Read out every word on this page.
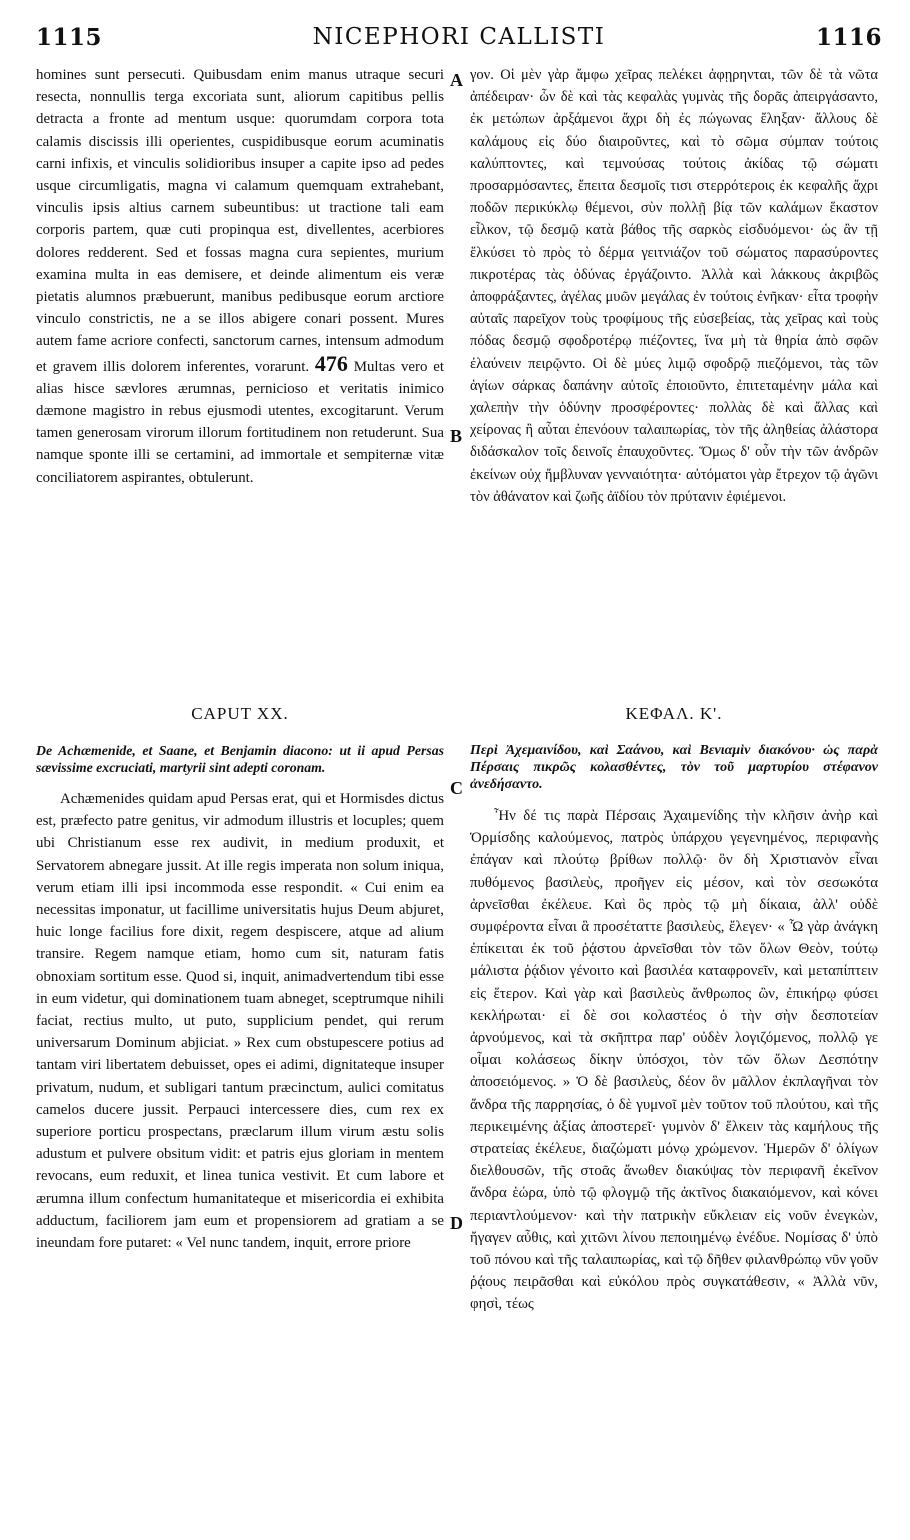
1115	NICEPHORI CALLISTI	1116
A
B
C
D

homines sunt persecuti. Quibusdam enim manus utraque securi resecta, nonnullis terga excoriata sunt, aliorum capitibus pellis detracta a fronte ad mentum usque: quorumdam corpora tota calamis discissis illi operientes, cuspidibusque eorum acuminatis carni infixis, et vinculis solidioribus insuper a capite ipso ad pedes usque circumligatis, magna vi calamum quemquam extrahebant, vinculis ipsis altius carnem subeuntibus: ut tractione tali eam corporis partem, quæ cuti propinqua est, divellentes, acerbiores dolores redderent. Sed et fossas magna cura sepientes, murium examina multa in eas demisere, et deinde alimentum eis veræ pietatis alumnos præbuerunt, manibus pedibusque eorum arctiore vinculo constrictis, ne a se illos abigere conari possent. Mures autem fame acriore confecti, sanctorum carnes, intensum admodum et gravem illis dolorem inferentes, vorarunt. 476 Multas vero et alias hisce sævlores ærumnas, pernicioso et veritatis inimico dæmone magistro in rebus ejusmodi utentes, excogitarunt. Verum tamen generosam virorum illorum fortitudinem non retuderunt. Sua namque sponte illi se certamini, ad immortale et sempiternæ vitæ conciliatorem aspirantes, obtulerunt.

γον. Οἱ μὲν γὰρ ἄμφω χεῖρας πελέκει ἀφῃρηνται, τῶν δὲ τὰ νῶτα ἀπέδειραν· ὧν δὲ καὶ τὰς κεφαλὰς γυμνὰς τῆς δορᾶς ἀπειργάσαντο, ἐκ μετώπων ἀρξάμενοι ἄχρι δὴ ἐς πώγωνας ἔληξαν· ἄλλους δὲ καλάμους εἰς δύο διαιροῦντες, καὶ τὸ σῶμα σύμπαν τούτοις καλύπτοντες, καὶ τεμνούσας τούτοις ἀκίδας τῷ σώματι προσαρμόσαντες, ἔπειτα δεσμοῖς τισι στερρότεροις ἐκ κεφαλῆς ἄχρι ποδῶν περικύκλῳ θέμενοι, σὺν πολλῇ βίᾳ τῶν καλάμων ἕκαστον εἷλκον, τῷ δεσμῷ κατὰ βάθος τῆς σαρκὸς εἰσδυόμενοι· ὡς ἂν τῇ ἕλκύσει τὸ πρὸς τὸ δέρμα γειτνιάζον τοῦ σώματος παρασύροντες πικροτέρας τὰς ὀδύνας ἐργάζοιντο. Ἀλλὰ καὶ λάκκους ἀκριβῶς ἀποφράξαντες, ἀγέλας μυῶν μεγάλας ἐν τούτοις ἐνῆκαν· εἶτα τροφὴν αὐταῖς παρεῖχον τοὺς τροφίμους τῆς εὐσεβείας, τὰς χεῖρας καὶ τοὺς πόδας δεσμῷ σφοδροτέρῳ πιέζοντες, ἵνα μὴ τὰ θηρία ἀπὸ σφῶν ἐλαύνειν πειρῷντο. Οἱ δὲ μύες λιμῷ σφοδρῷ πιεζόμενοι, τὰς τῶν ἁγίων σάρκας δαπάνην αὐτοῖς ἐποιοῦντο, ἐπιτεταμένην μάλα καὶ χαλεπὴν τὴν ὀδύνην προσφέροντες· πολλὰς δὲ καὶ ἄλλας καὶ χείρονας ἢ αὗται ἐπενόουν ταλαιπωρίας, τὸν τῆς ἀληθείας ἀλάστορα διδάσκαλον τοῖς δεινοῖς ἐπαυχοῦντες. Ὅμως δ' οὖν τὴν τῶν ἀνδρῶν ἐκείνων οὐχ ἤμβλυναν γενναιότητα· αὐτόματοι γὰρ ἔτρεχον τῷ ἀγῶνι τὸν ἀθάνατον καὶ ζωῆς ἀϊδίου τὸν πρύτανιν ἐφιέμενοι.

CAPUT XX.	ΚΕΦΑΛ. Κ'.

De Achæmenide, et Saane, et Benjamin diacono: ut ii apud Persas sævissime excruciati, martyrii sint adepti coronam.

Achæmenides quidam apud Persas erat, qui et Hormisdes dictus est, præfecto patre genitus, vir admodum illustris et locuples; quem ubi Christianum esse rex audivit, in medium produxit, et Servatorem abnegare jussit. At ille regis imperata non solum iniqua, verum etiam illi ipsi incommoda esse respondit. « Cui enim ea necessitas imponatur, ut facillime universitatis hujus Deum abjuret, huic longe facilius fore dixit, regem despiscere, atque ad alium transire. Regem namque etiam, homo cum sit, naturam fatis obnoxiam sortitum esse. Quod si, inquit, animadvertendum tibi esse in eum videtur, qui dominationem tuam abneget, sceptrumque nihili faciat, rectius multo, ut puto, supplicium pendet, qui rerum universarum Dominum abjiciat. » Rex cum obstupescere potius ad tantam viri libertatem debuisset, opes ei adimi, dignitateque insuper privatum, nudum, et subligari tantum præcinctum, aulici comitatus camelos ducere jussit. Perpauci intercessere dies, cum rex ex superiore porticu prospectans, præclarum illum virum æstu solis adustum et pulvere obsitum vidit: et patris ejus gloriam in mentem revocans, eum reduxit, et linea tunica vestivit. Et cum labore et ærumna illum confectum humanitateque et misericordia ei exhibita adductum, faciliorem jam eum et propensiorem ad gratiam a se ineundam fore putaret: « Vel nunc tandem, inquit, errore priore

Περὶ Ἀχεμαινίδου, καὶ Σαάνου, καὶ Βενιαμὶν διακόνου· ὡς παρὰ Πέρσαις πικρῶς κολασθέντες, τὸν τοῦ μαρτυρίου στέφανον ἀνεδήσαντο.

Ἦν δέ τις παρὰ Πέρσαις Ἀχαιμενίδης τὴν κλῆσιν ἀνὴρ καὶ Ὁρμίσδης καλούμενος, πατρὸς ὑπάρχου γεγενημένος, περιφανὴς ἐπάγαν καὶ πλούτῳ βρίθων πολλῷ· ὃν δὴ Χριστιανὸν εἶναι πυθόμενος βασιλεὺς, προῆγεν εἰς μέσον, καὶ τὸν σεσωκότα ἀρνεῖσθαι ἐκέλευε. Καὶ ὃς πρὸς τῷ μὴ δίκαια, ἀλλ' οὐδὲ συμφέροντα εἶναι ἃ προσέταττε βασιλεὺς, ἔλεγεν· « Ὧ γὰρ ἀνάγκη ἐπίκειται ἐκ τοῦ ῥᾴστου ἀρνεῖσθαι τὸν τῶν ὅλων Θεὸν, τούτῳ μάλιστα ῥᾴδιον γένοιτο καὶ βασιλέα καταφρονεῖν, καὶ μεταπίπτειν εἰς ἕτερον. Καὶ γὰρ καὶ βασιλεὺς ἄνθρωπος ὢν, ἐπικήρῳ φύσει κεκλήρωται· εἰ δὲ σοι κολαστέος ὁ τὴν σὴν δεσποτείαν ἀρνούμενος, καὶ τὰ σκῆπτρα παρ' οὐδὲν λογιζόμενος, πολλῷ γε οἶμαι κολάσεως δίκην ὑπόσχοι, τὸν τῶν ὅλων Δεσπότην ἀποσειόμενος. » Ὁ δὲ βασιλεὺς, δέον ὃν μᾶλλον ἐκπλαγῆναι τὸν ἄνδρα τῆς παρρησίας, ὁ δὲ γυμνοῖ μὲν τοῦτον τοῦ πλούτου, καὶ τῆς περικειμένης ἀξίας ἀποστερεῖ· γυμνὸν δ' ἕλκειν τὰς καμήλους τῆς στρατείας ἐκέλευε, διαζώματι μόνῳ χρώμενον. Ἡμερῶν δ' ὀλίγων διελθουσῶν, τῆς στοᾶς ἄνωθεν διακύψας τὸν περιφανῆ ἐκεῖνον ἄνδρα ἑώρα, ὑπὸ τῷ φλογμῷ τῆς ἀκτῖνος διακαιόμενον, καὶ κόνει περιαντλούμενον· καὶ τὴν πατρικὴν εὔκλειαν εἰς νοῦν ἐνεγκὼν, ἤγαγεν αὖθις, καὶ χιτῶνι λίνου πεποιημένῳ ἐνέδυε. Νομίσας δ' ὑπὸ τοῦ πόνου καὶ τῆς ταλαιπωρίας, καὶ τῷ δῆθεν φιλανθρώπῳ νῦν γοῦν ῥᾴους πειρᾶσθαι καὶ εὐκόλου πρὸς συγκατάθεσιν, « Ἀλλὰ νῦν, φησὶ, τέως
